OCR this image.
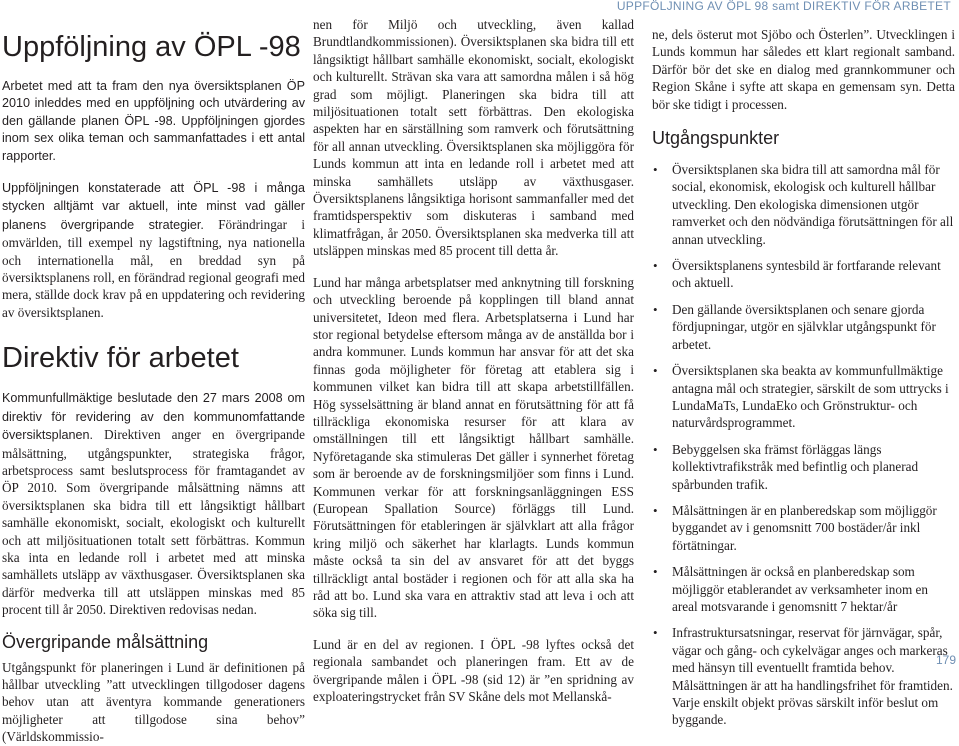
UPPFÖLJNING AV ÖPL 98 samt DIREKTIV FÖR ARBETET
Uppföljning av ÖPL -98

Arbetet med att ta fram den nya översiktsplanen ÖP 2010 inleddes med en uppföljning och utvärdering av den gällande planen ÖPL -98. Uppföljningen gjordes inom sex olika teman och sammanfattades i ett antal rapporter.

Uppföljningen konstaterade att ÖPL -98 i många stycken alltjämt var aktuell, inte minst vad gäller planens övergripande strategier. Förändringar i omvärlden, till exempel ny lagstiftning, nya nationella och internationella mål, en breddad syn på översiktsplanens roll, en förändrad regional geografi med mera, ställde dock krav på en uppdatering och revidering av översiktsplanen.

Direktiv för arbetet

Kommunfullmäktige beslutade den 27 mars 2008 om direktiv för revidering av den kommunomfattande översiktsplanen. Direktiven anger en övergripande målsättning, utgångspunkter, strategiska frågor, arbetsprocess samt beslutsprocess för framtagandet av ÖP 2010. Som övergripande målsättning nämns att översiktsplanen ska bidra till ett långsiktigt hållbart samhälle ekonomiskt, socialt, ekologiskt och kulturellt och att miljösituationen totalt sett förbättras. Kommun ska inta en ledande roll i arbetet med att minska samhällets utsläpp av växthusgaser. Översiktsplanen ska därför medverka till att utsläppen minskas med 85 procent till år 2050. Direktiven redovisas nedan.

Övergripande målsättning

Utgångspunkt för planeringen i Lund är definitionen på hållbar utveckling ”att utvecklingen tillgodoser dagens behov utan att äventyra kommande generationers möjligheter att tillgodose sina behov” (Världskommissio-

nen för Miljö och utveckling, även kallad Brundtlandkommissionen). Översiktsplanen ska bidra till ett långsiktigt hållbart samhälle ekonomiskt, socialt, ekologiskt och kulturellt. Strävan ska vara att samordna målen i så hög grad som möjligt. Planeringen ska bidra till att miljösituationen totalt sett förbättras. Den ekologiska aspekten har en särställning som ramverk och förutsättning för all annan utveckling. Översiktsplanen ska möjliggöra för Lunds kommun att inta en ledande roll i arbetet med att minska samhällets utsläpp av växthusgaser. Översiktsplanens långsiktiga horisont sammanfaller med det framtidsperspektiv som diskuteras i samband med klimatfrågan, år 2050. Översiktsplanen ska medverka till att utsläppen minskas med 85 procent till detta år.

Lund har många arbetsplatser med anknytning till forskning och utveckling beroende på kopplingen till bland annat universitetet, Ideon med flera. Arbetsplatserna i Lund har stor regional betydelse eftersom många av de anställda bor i andra kommuner. Lunds kommun har ansvar för att det ska finnas goda möjligheter för företag att etablera sig i kommunen vilket kan bidra till att skapa arbetstillfällen. Hög sysselsättning är bland annat en förutsättning för att få tillräckliga ekonomiska resurser för att klara av omställningen till ett långsiktigt hållbart samhälle. Nyföretagande ska stimuleras Det gäller i synnerhet företag som är beroende av de forskningsmiljöer som finns i Lund. Kommunen verkar för att forskningsanläggningen ESS (European Spallation Source) förläggs till Lund. Förutsättningen för etableringen är självklart att alla frågor kring miljö och säkerhet har klarlagts. Lunds kommun måste också ta sin del av ansvaret för att det byggs tillräckligt antal bostäder i regionen och för att alla ska ha råd att bo. Lund ska vara en attraktiv stad att leva i och att söka sig till.

Lund är en del av regionen. I ÖPL -98 lyftes också det regionala sambandet och planeringen fram. Ett av de övergripande målen i ÖPL -98 (sid 12) är ”en spridning av exploateringstrycket från SV Skåne dels mot Mellanskå-

ne, dels österut mot Sjöbo och Österlen”. Utvecklingen i Lunds kommun har således ett klart regionalt samband. Därför bör det ske en dialog med grannkommuner och Region Skåne i syfte att skapa en gemensam syn. Detta bör ske tidigt i processen.

Utgångspunkter
• Översiktsplanen ska bidra till att samordna mål för social, ekonomisk, ekologisk och kulturell hållbar utveckling. Den ekologiska dimensionen utgör ramverket och den nödvändiga förutsättningen för all annan utveckling.
• Översiktsplanens syntesbild är fortfarande relevant och aktuell.
• Den gällande översiktsplanen och senare gjorda fördjupningar, utgör en självklar utgångspunkt för arbetet.
• Översiktsplanen ska beakta av kommunfullmäktige antagna mål och strategier, särskilt de som uttrycks i LundaMaTs, LundaEko och Grönstruktur- och naturvårdsprogrammet.
• Bebyggelsen ska främst förläggas längs kollektivtrafikstråk med befintlig och planerad spårbunden trafik.
• Målsättningen är en planberedskap som möjliggör byggandet av i genomsnitt 700 bostäder/år inkl förtätningar.
• Målsättningen är också en planberedskap som möjliggör etablerandet av verksamheter inom en areal motsvarande i genomsnitt 7 hektar/år
• Infrastruktursatsningar, reservat för järnvägar, spår, vägar och gång- och cykelvägar anges och markeras med hänsyn till eventuellt framtida behov. Målsättningen är att ha handlingsfrihet för framtiden. Varje enskilt objekt prövas särskilt inför beslut om byggande.
179
